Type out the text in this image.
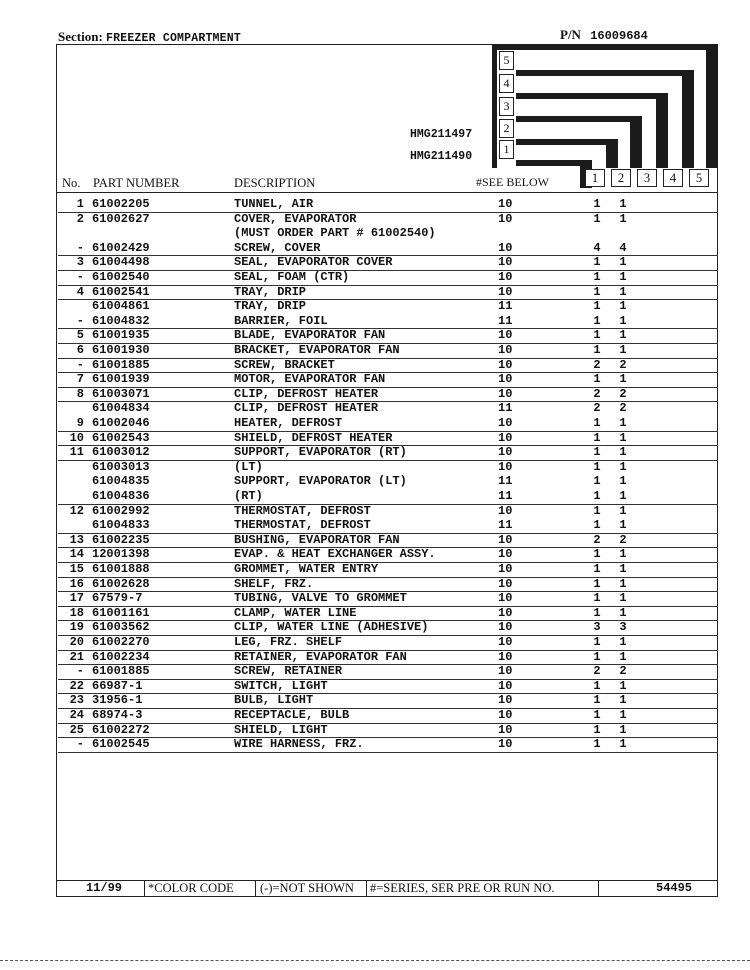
Section: FREEZER COMPARTMENT	P/N 16009684
5
4
3
2
1
HMG211497
HMG211490
No. PART NUMBER	DESCRIPTION	#SEE BELOW	1	2	3	4	5
1 61002205	TUNNEL, AIR	10	1 1
2 61002627	COVER, EVAPORATOR	10	1 1
(MUST ORDER PART # 61002540)
- 61002429	SCREW, COVER	10	4 4
3 61004498	SEAL, EVAPORATOR COVER	10	1 1
- 61002540	SEAL, FOAM (CTR)	10	1 1
4 61002541	TRAY, DRIP	10	1 1
61004861	TRAY, DRIP	11	1 1
- 61004832	BARRIER, FOIL	11	1 1
5 61001935	BLADE, EVAPORATOR FAN	10	1 1
6 61001930	BRACKET, EVAPORATOR FAN	10	1 1
- 61001885	SCREW, BRACKET	10	2 2
7 61001939	MOTOR, EVAPORATOR FAN	10	1 1
8 61003071	CLIP, DEFROST HEATER	10	2 2
61004834	CLIP, DEFROST HEATER	11	2 2
9 61002046	HEATER, DEFROST	10	1 1
10 61002543	SHIELD, DEFROST HEATER	10	1 1
11 61003012	SUPPORT, EVAPORATOR (RT)	10	1 1
61003013	(LT)	10	1 1
61004835	SUPPORT, EVAPORATOR (LT)	11	1 1
61004836	(RT)	11	1 1
12 61002992	THERMOSTAT, DEFROST	10	1 1
61004833	THERMOSTAT, DEFROST	11	1 1
13 61002235	BUSHING, EVAPORATOR FAN	10	2 2
14 12001398	EVAP. & HEAT EXCHANGER ASSY.	10	1 1
15 61001888	GROMMET, WATER ENTRY	10	1 1
16 61002628	SHELF, FRZ.	10	1 1
17 67579-7	TUBING, VALVE TO GROMMET	10	1 1
18 61001161	CLAMP, WATER LINE	10	1 1
19 61003562	CLIP, WATER LINE (ADHESIVE)	10	3 3
20 61002270	LEG, FRZ. SHELF	10	1 1
21 61002234	RETAINER, EVAPORATOR FAN	10	1 1
- 61001885	SCREW, RETAINER	10	2 2
22 66987-1	SWITCH, LIGHT	10	1 1
23 31956-1	BULB, LIGHT	10	1 1
24 68974-3	RECEPTACLE, BULB	10	1 1
25 61002272	SHIELD, LIGHT	10	1 1
- 61002545	WIRE HARNESS, FRZ.	10	1 1
11/99 *COLOR CODE (-)=NOT SHOWN #=SERIES, SER PRE OR RUN NO.	54495
